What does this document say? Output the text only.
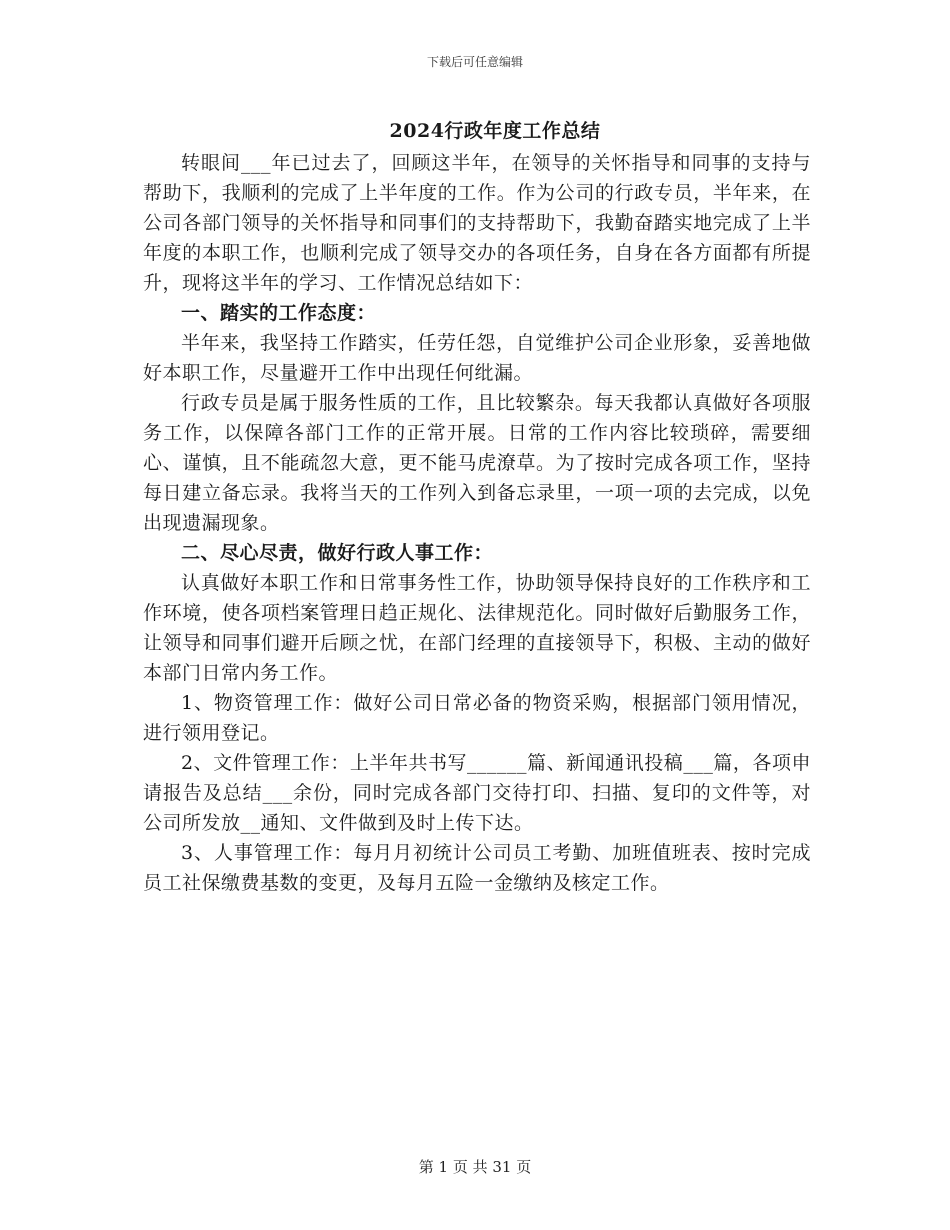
下载后可任意编辑
2024行政年度工作总结

转眼间___年已过去了，回顾这半年，在领导的关怀指导和同事的支持与帮助下，我顺利的完成了上半年度的工作。作为公司的行政专员，半年来，在公司各部门领导的关怀指导和同事们的支持帮助下，我勤奋踏实地完成了上半年度的本职工作，也顺利完成了领导交办的各项任务，自身在各方面都有所提升，现将这半年的学习、工作情况总结如下：

一、踏实的工作态度：

半年来，我坚持工作踏实，任劳任怨，自觉维护公司企业形象，妥善地做好本职工作，尽量避开工作中出现任何纰漏。

行政专员是属于服务性质的工作，且比较繁杂。每天我都认真做好各项服务工作，以保障各部门工作的正常开展。日常的工作内容比较琐碎，需要细心、谨慎，且不能疏忽大意，更不能马虎潦草。为了按时完成各项工作，坚持每日建立备忘录。我将当天的工作列入到备忘录里，一项一项的去完成，以免出现遗漏现象。

二、尽心尽责，做好行政人事工作：

认真做好本职工作和日常事务性工作，协助领导保持良好的工作秩序和工作环境，使各项档案管理日趋正规化、法律规范化。同时做好后勤服务工作，让领导和同事们避开后顾之忧，在部门经理的直接领导下，积极、主动的做好本部门日常内务工作。

1、物资管理工作：做好公司日常必备的物资采购，根据部门领用情况，进行领用登记。

2、文件管理工作：上半年共书写______篇、新闻通讯投稿___篇，各项申请报告及总结___余份，同时完成各部门交待打印、扫描、复印的文件等，对公司所发放__通知、文件做到及时上传下达。

3、人事管理工作：每月月初统计公司员工考勤、加班值班表、按时完成员工社保缴费基数的变更，及每月五险一金缴纳及核定工作。

第 1 页 共 31 页
